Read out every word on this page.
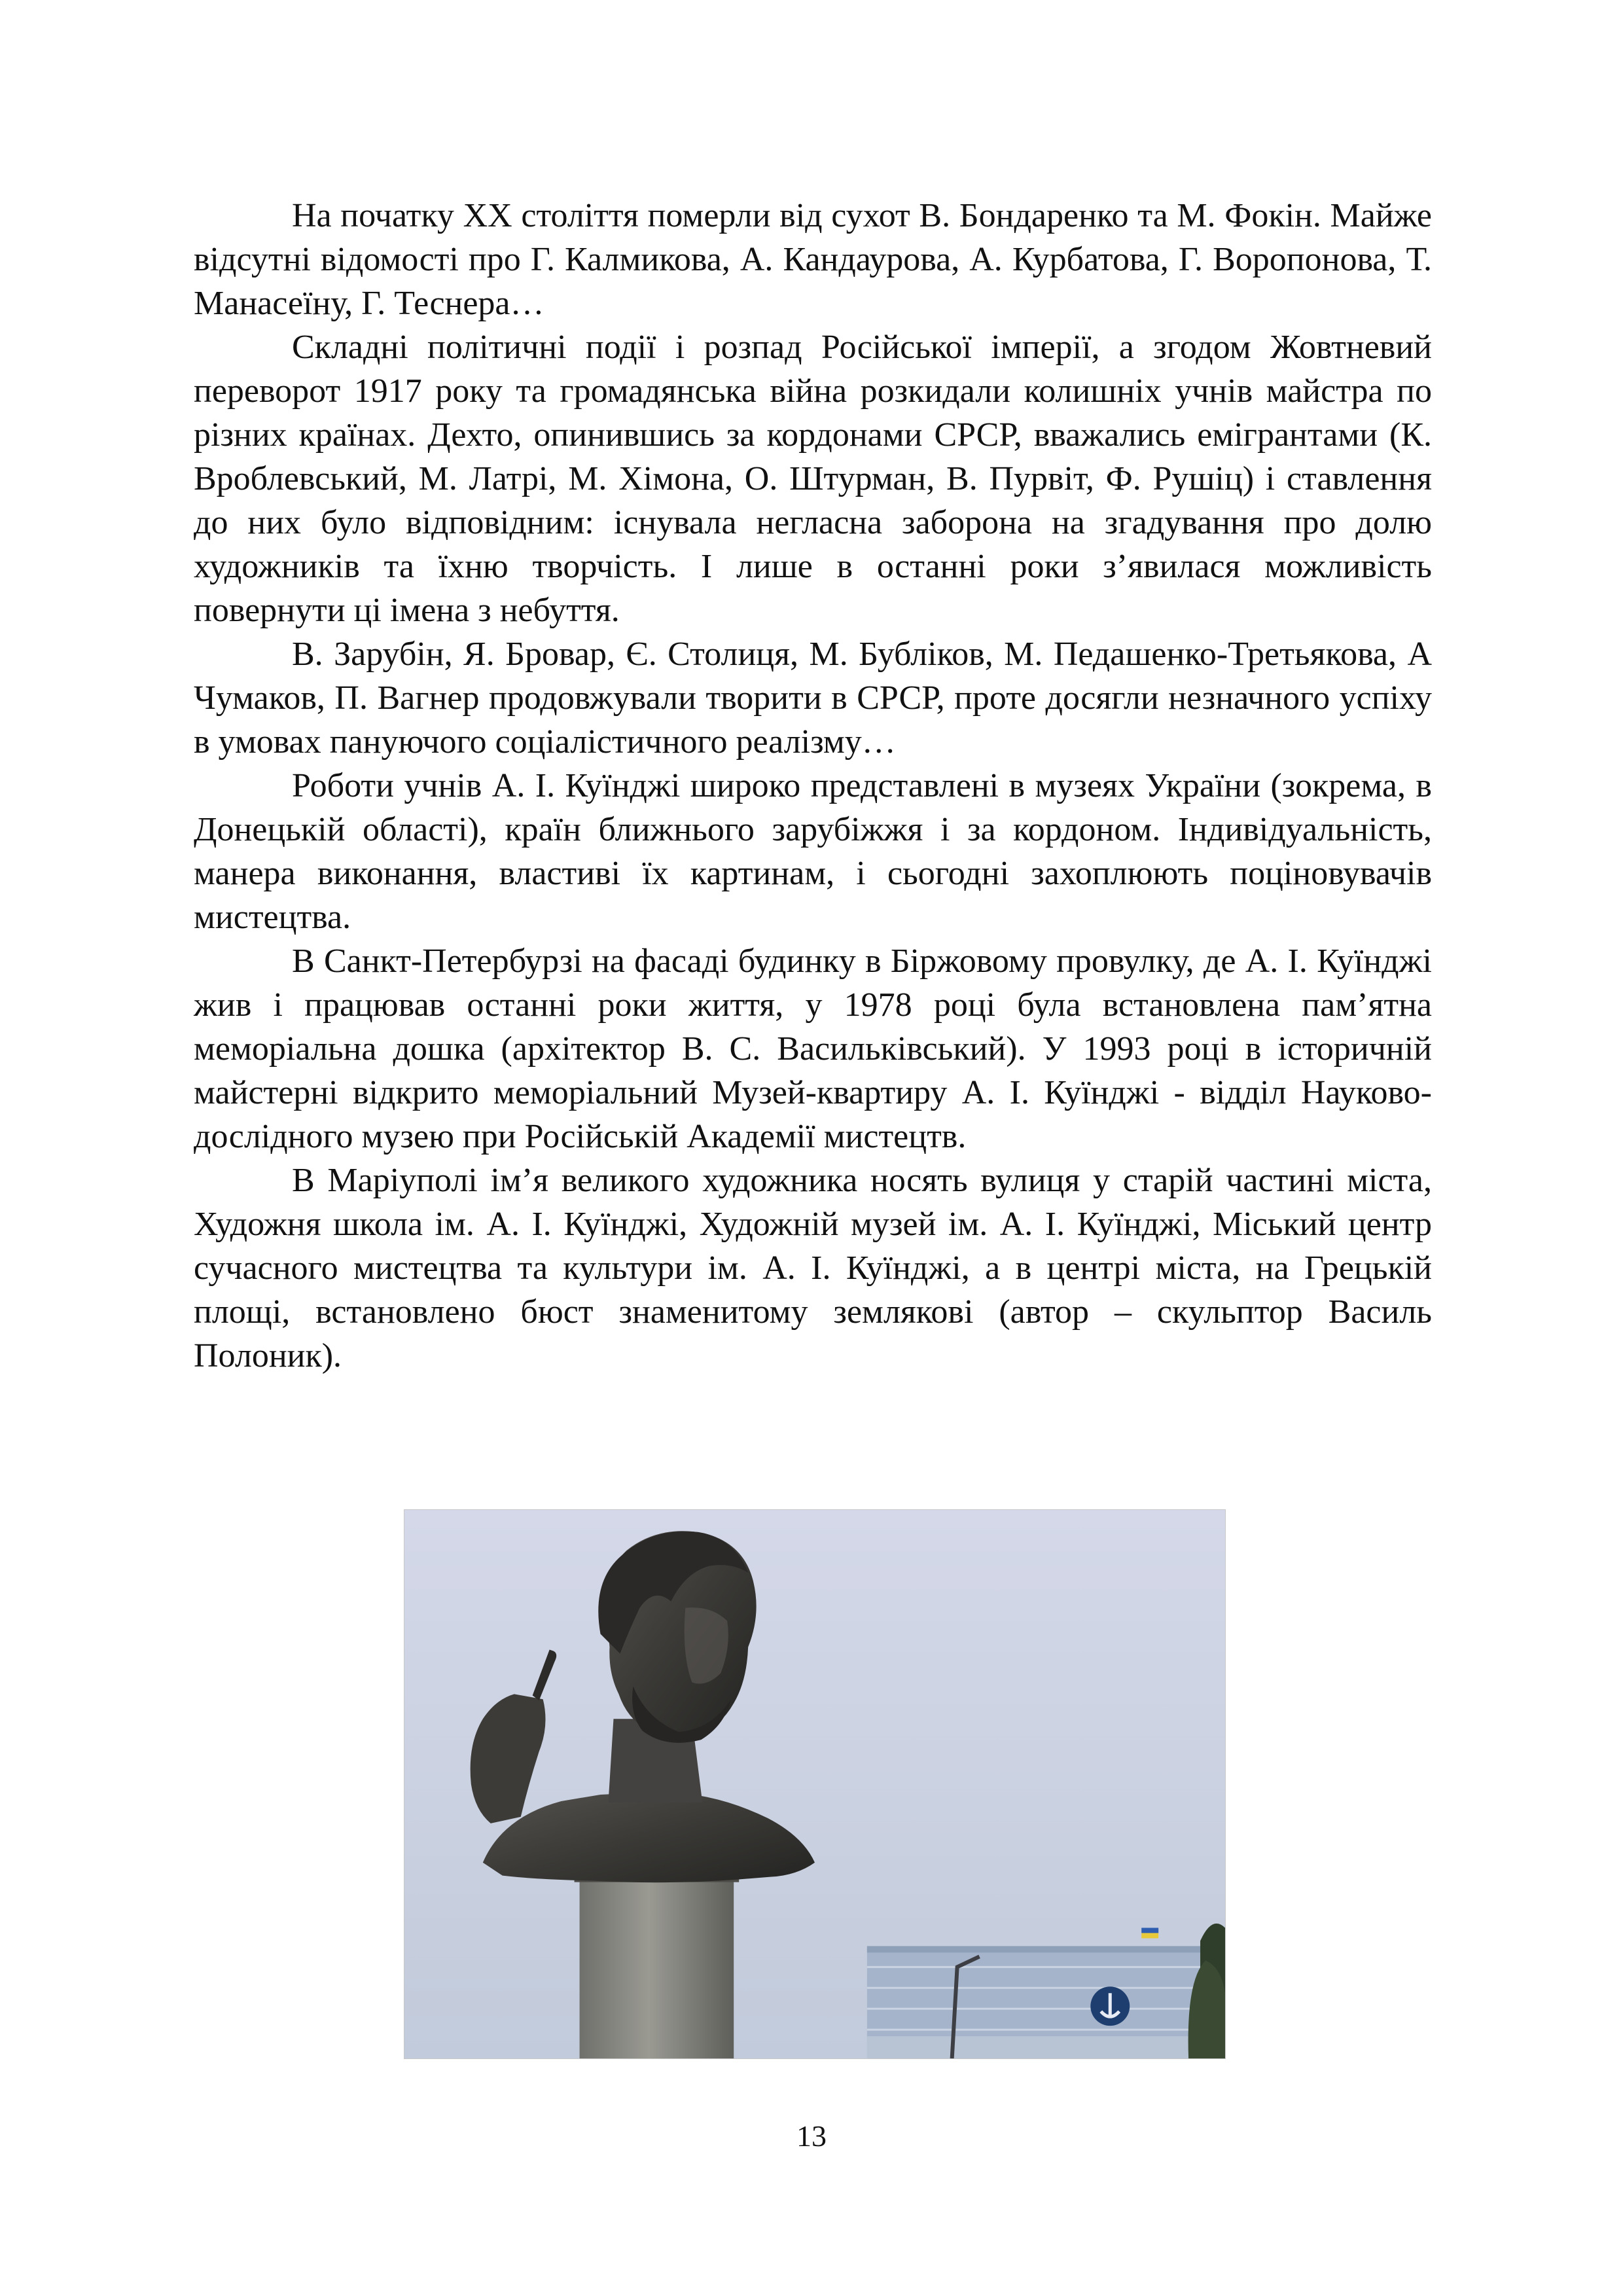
На початку ХХ століття померли від сухот В. Бондаренко та М. Фокін. Майже відсутні відомості про Г. Калмикова, А. Кандаурова, А. Курбатова, Г. Воропонова, Т. Манасеїну, Г. Теснера…

Складні політичні події і розпад Російської імперії, а згодом Жовтневий переворот 1917 року та громадянська війна розкидали колишніх учнів майстра по різних країнах. Дехто, опинившись за кордонами СРСР, вважались емігрантами (К. Вроблевський, М. Латрі, М. Хімона, О. Штурман, В. Пурвіт, Ф. Рушіц) і ставлення до них було відповідним: існувала негласна заборона на згадування про долю художників та їхню творчість. І лише в останні роки з’явилася можливість повернути ці імена з небуття.

В. Зарубін, Я. Бровар, Є. Столиця, М. Бубліков, М. Педашенко-Третьякова, А Чумаков, П. Вагнер продовжували творити в СРСР, проте досягли незначного успіху в умовах пануючого соціалістичного реалізму…

Роботи учнів А. І. Куїнджі широко представлені в музеях України (зокрема, в Донецькій області), країн ближнього зарубіжжя і за кордоном. Індивідуальність, манера виконання, властиві їх картинам, і сьогодні захоплюють поціновувачів мистецтва.

В Санкт-Петербурзі на фасаді будинку в Біржовому провулку, де А. І. Куїнджі жив і працював останні роки життя, у 1978 році була встановлена пам’ятна меморіальна дошка (архітектор В. С. Васильківський). У 1993 році в історичній майстерні відкрито меморіальний Музей-квартиру А. І. Куїнджі - відділ Науково-дослідного музею при Російській Академії мистецтв.

В Маріуполі ім’я великого художника носять вулиця у старій частині міста, Художня школа ім. А. І. Куїнджі, Художній музей ім. А. І. Куїнджі, Міський центр сучасного мистецтва та культури ім. А. І. Куїнджі, а в центрі міста, на Грецькій площі, встановлено бюст знаменитому землякові (автор – скульптор Василь Полоник).

13
